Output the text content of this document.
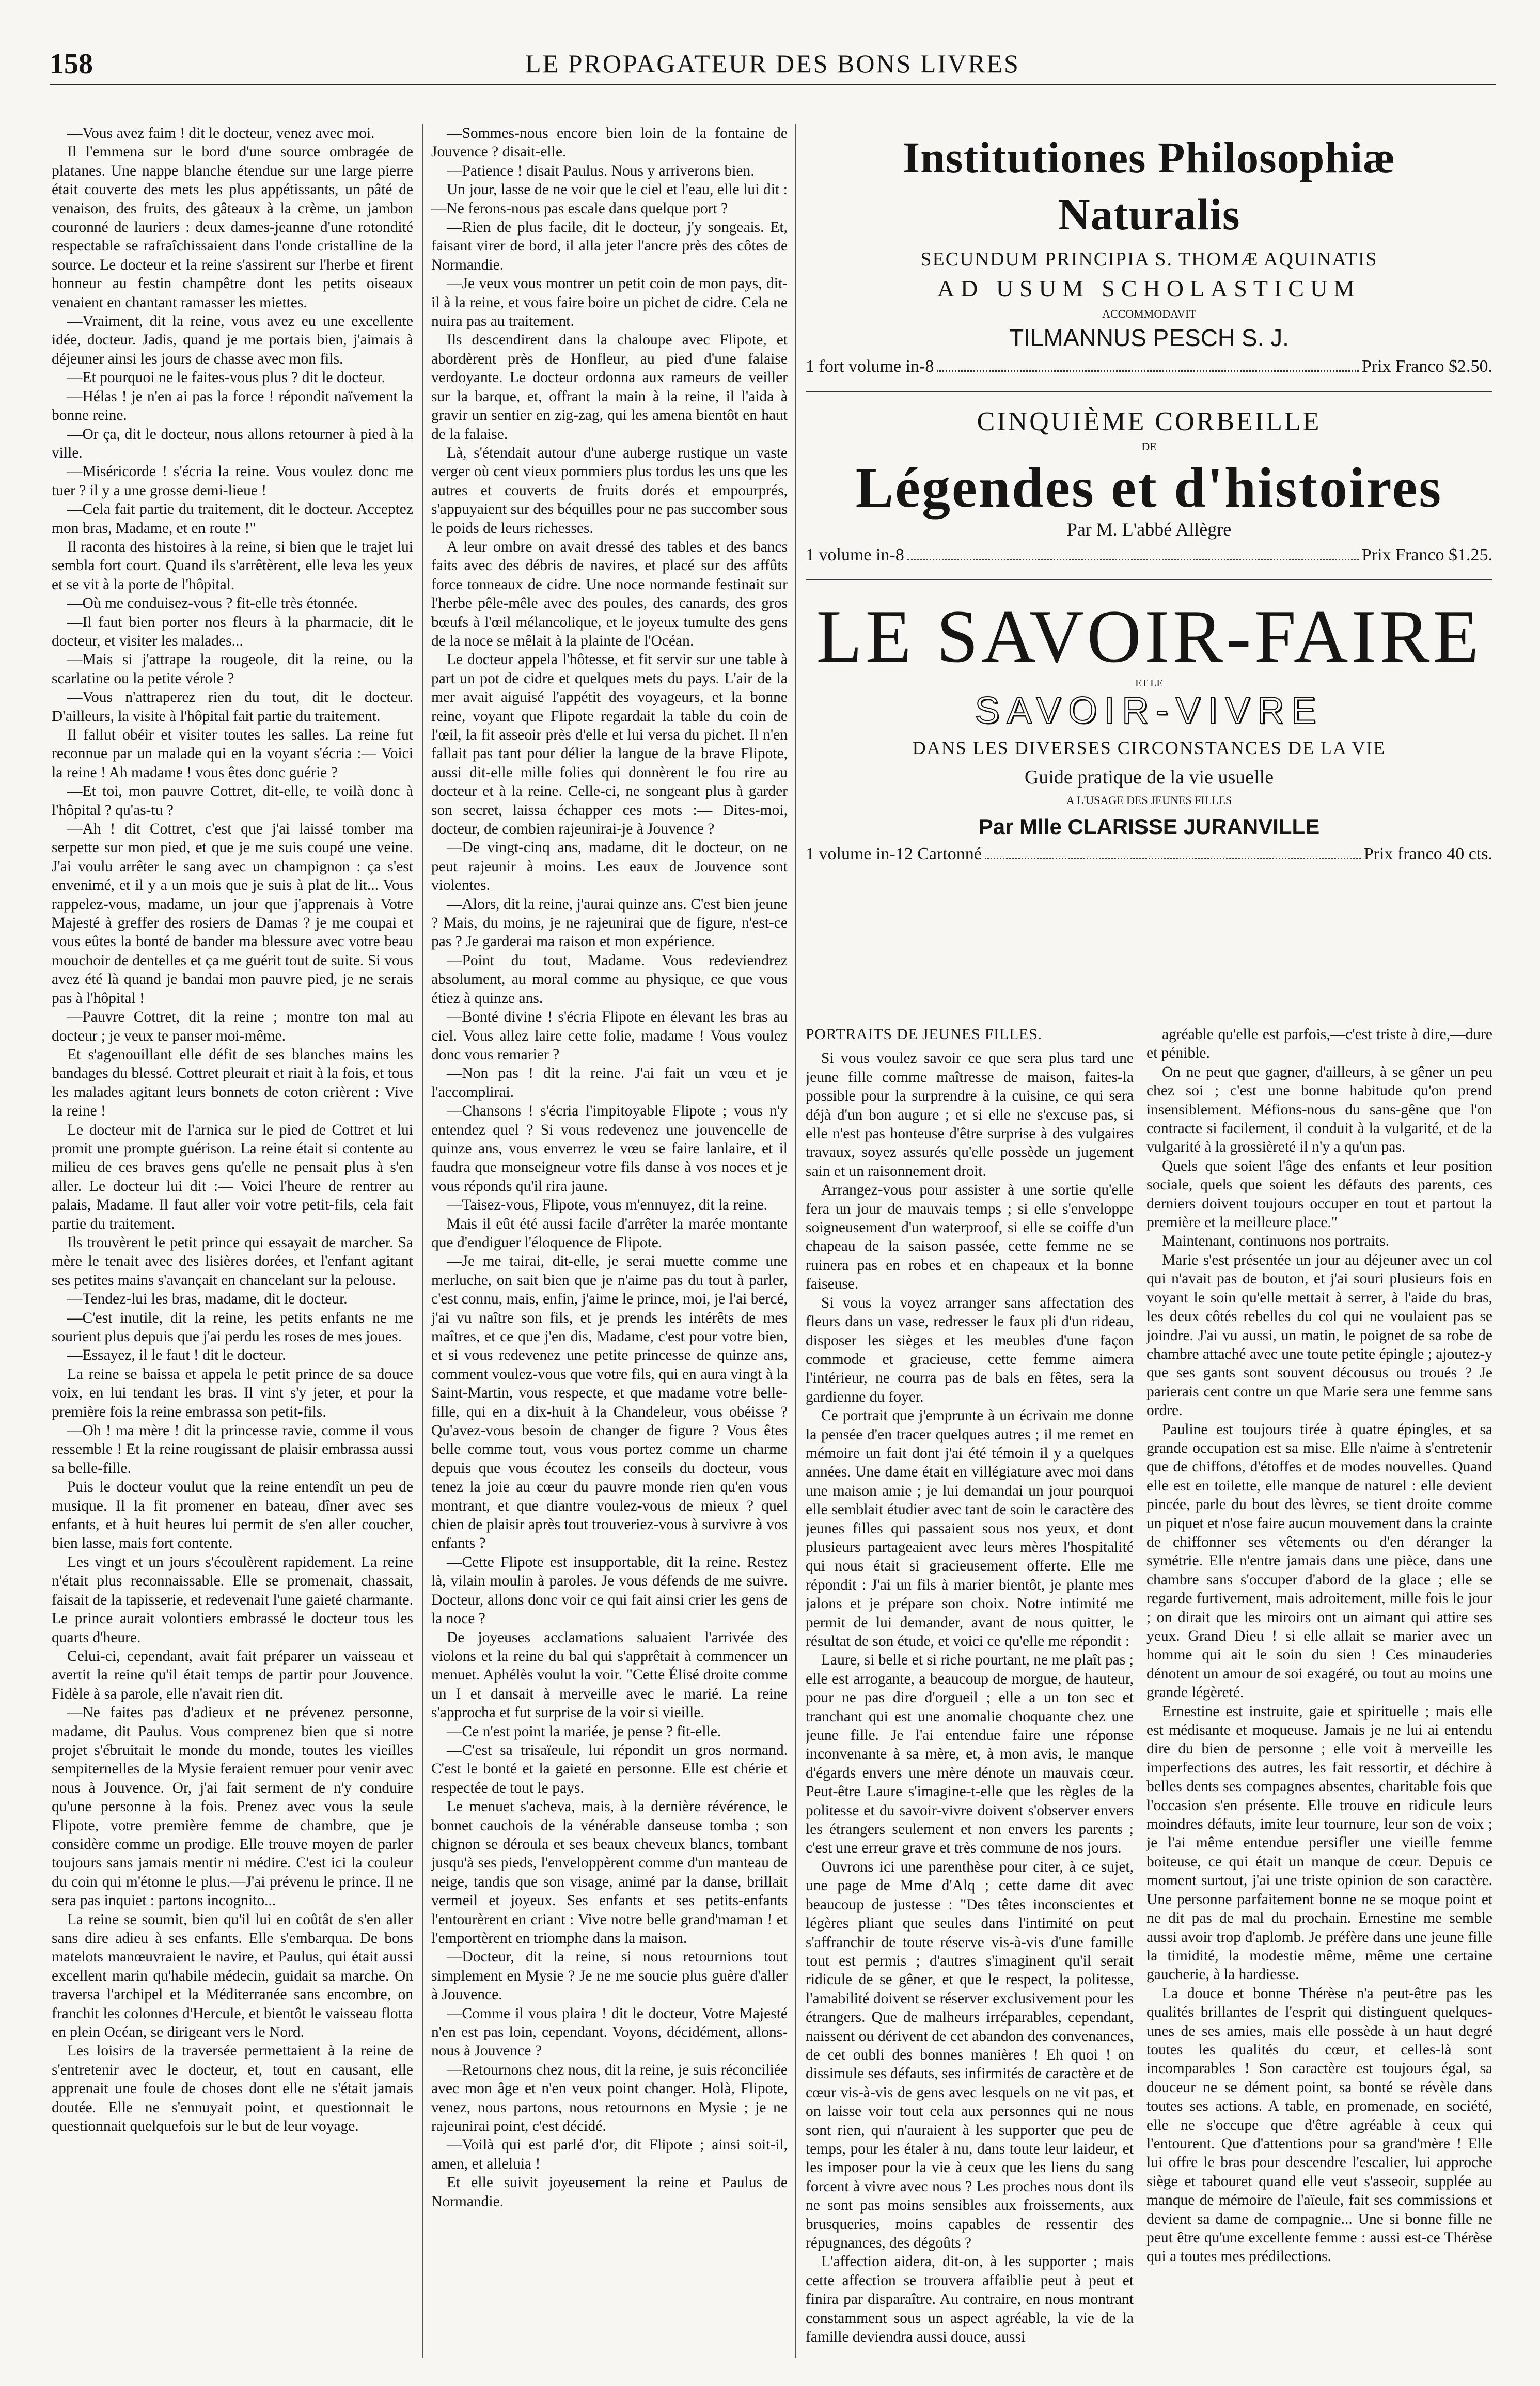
158	LE PROPAGATEUR DES BONS LIVRES

—Vous avez faim ! dit le docteur, venez avec moi.

Il l'emmena sur le bord d'une source ombragée de platanes. Une nappe blanche étendue sur une large pierre était couverte des mets les plus appétissants, un pâté de venaison, des fruits, des gâteaux à la crème, un jambon couronné de lauriers : deux dames-jeanne d'une rotondité respectable se rafraîchissaient dans l'onde cristalline de la source. Le docteur et la reine s'assirent sur l'herbe et firent honneur au festin champêtre dont les petits oiseaux venaient en chantant ramasser les miettes.

—Vraiment, dit la reine, vous avez eu une excellente idée, docteur. Jadis, quand je me portais bien, j'aimais à déjeuner ainsi les jours de chasse avec mon fils.

—Et pourquoi ne le faites-vous plus ? dit le docteur.

—Hélas ! je n'en ai pas la force ! répondit naïvement la bonne reine.

—Or ça, dit le docteur, nous allons retourner à pied à la ville.

—Miséricorde ! s'écria la reine. Vous voulez donc me tuer ? il y a une grosse demi-lieue !

—Cela fait partie du traitement, dit le docteur. Acceptez mon bras, Madame, et en route !"

Il raconta des histoires à la reine, si bien que le trajet lui sembla fort court. Quand ils s'arrêtèrent, elle leva les yeux et se vit à la porte de l'hôpital.

—Où me conduisez-vous ? fit-elle très étonnée.

—Il faut bien porter nos fleurs à la pharmacie, dit le docteur, et visiter les malades...

—Mais si j'attrape la rougeole, dit la reine, ou la scarlatine ou la petite vérole ?

—Vous n'attraperez rien du tout, dit le docteur. D'ailleurs, la visite à l'hôpital fait partie du traitement.

Il fallut obéir et visiter toutes les salles. La reine fut reconnue par un malade qui en la voyant s'écria :— Voici la reine ! Ah madame ! vous êtes donc guérie ?

—Et toi, mon pauvre Cottret, dit-elle, te voilà donc à l'hôpital ? qu'as-tu ?

—Ah ! dit Cottret, c'est que j'ai laissé tomber ma serpette sur mon pied, et que je me suis coupé une veine. J'ai voulu arrêter le sang avec un champignon : ça s'est envenimé, et il y a un mois que je suis à plat de lit... Vous rappelez-vous, madame, un jour que j'apprenais à Votre Majesté à greffer des rosiers de Damas ? je me coupai et vous eûtes la bonté de bander ma blessure avec votre beau mouchoir de dentelles et ça me guérit tout de suite. Si vous avez été là quand je bandai mon pauvre pied, je ne serais pas à l'hôpital !

—Pauvre Cottret, dit la reine ; montre ton mal au docteur ; je veux te panser moi-même.

Et s'agenouillant elle défit de ses blanches mains les bandages du blessé. Cottret pleurait et riait à la fois, et tous les malades agitant leurs bonnets de coton crièrent : Vive la reine !

Le docteur mit de l'arnica sur le pied de Cottret et lui promit une prompte guérison. La reine était si contente au milieu de ces braves gens qu'elle ne pensait plus à s'en aller. Le docteur lui dit :— Voici l'heure de rentrer au palais, Madame. Il faut aller voir votre petit-fils, cela fait partie du traitement.

Ils trouvèrent le petit prince qui essayait de marcher. Sa mère le tenait avec des lisières dorées, et l'enfant agitant ses petites mains s'avançait en chancelant sur la pelouse.

—Tendez-lui les bras, madame, dit le docteur.

—C'est inutile, dit la reine, les petits enfants ne me sourient plus depuis que j'ai perdu les roses de mes joues.

—Essayez, il le faut ! dit le docteur.

La reine se baissa et appela le petit prince de sa douce voix, en lui tendant les bras. Il vint s'y jeter, et pour la première fois la reine embrassa son petit-fils.

—Oh ! ma mère ! dit la princesse ravie, comme il vous ressemble ! Et la reine rougissant de plaisir embrassa aussi sa belle-fille.

Puis le docteur voulut que la reine entendît un peu de musique. Il la fit promener en bateau, dîner avec ses enfants, et à huit heures lui permit de s'en aller coucher, bien lasse, mais fort contente.

Les vingt et un jours s'écoulèrent rapidement. La reine n'était plus reconnaissable. Elle se promenait, chassait, faisait de la tapisserie, et redevenait l'une gaieté charmante. Le prince aurait volontiers embrassé le docteur tous les quarts d'heure.

Celui-ci, cependant, avait fait préparer un vaisseau et avertit la reine qu'il était temps de partir pour Jouvence. Fidèle à sa parole, elle n'avait rien dit.

—Ne faites pas d'adieux et ne prévenez personne, madame, dit Paulus. Vous comprenez bien que si notre projet s'ébruitait le monde du monde, toutes les vieilles sempiternelles de la Mysie feraient remuer pour venir avec nous à Jouvence. Or, j'ai fait serment de n'y conduire qu'une personne à la fois. Prenez avec vous la seule Flipote, votre première femme de chambre, que je considère comme un prodige. Elle trouve moyen de parler toujours sans jamais mentir ni médire. C'est ici la couleur du coin qui m'étonne le plus.—J'ai prévenu le prince. Il ne sera pas inquiet : partons incognito...

La reine se soumit, bien qu'il lui en coûtât de s'en aller sans dire adieu à ses enfants. Elle s'embarqua. De bons matelots manœuvraient le navire, et Paulus, qui était aussi excellent marin qu'habile médecin, guidait sa marche. On traversa l'archipel et la Méditerranée sans encombre, on franchit les colonnes d'Hercule, et bientôt le vaisseau flotta en plein Océan, se dirigeant vers le Nord.

Les loisirs de la traversée permettaient à la reine de s'entretenir avec le docteur, et, tout en causant, elle apprenait une foule de choses dont elle ne s'était jamais doutée. Elle ne s'ennuyait point, et questionnait le questionnait quelquefois sur le but de leur voyage.

—Sommes-nous encore bien loin de la fontaine de Jouvence ? disait-elle.

—Patience ! disait Paulus. Nous y arriverons bien.

Un jour, lasse de ne voir que le ciel et l'eau, elle lui dit :—Ne ferons-nous pas escale dans quelque port ?

—Rien de plus facile, dit le docteur, j'y songeais. Et, faisant virer de bord, il alla jeter l'ancre près des côtes de Normandie.

—Je veux vous montrer un petit coin de mon pays, dit-il à la reine, et vous faire boire un pichet de cidre. Cela ne nuira pas au traitement.

Ils descendirent dans la chaloupe avec Flipote, et abordèrent près de Honfleur, au pied d'une falaise verdoyante. Le docteur ordonna aux rameurs de veiller sur la barque, et, offrant la main à la reine, il l'aida à gravir un sentier en zig-zag, qui les amena bientôt en haut de la falaise.

Là, s'étendait autour d'une auberge rustique un vaste verger où cent vieux pommiers plus tordus les uns que les autres et couverts de fruits dorés et empourprés, s'appuyaient sur des béquilles pour ne pas succomber sous le poids de leurs richesses.

A leur ombre on avait dressé des tables et des bancs faits avec des débris de navires, et placé sur des affûts force tonneaux de cidre. Une noce normande festinait sur l'herbe pêle-mêle avec des poules, des canards, des gros bœufs à l'œil mélancolique, et le joyeux tumulte des gens de la noce se mêlait à la plainte de l'Océan.

Le docteur appela l'hôtesse, et fit servir sur une table à part un pot de cidre et quelques mets du pays. L'air de la mer avait aiguisé l'appétit des voyageurs, et la bonne reine, voyant que Flipote regardait la table du coin de l'œil, la fit asseoir près d'elle et lui versa du pichet. Il n'en fallait pas tant pour délier la langue de la brave Flipote, aussi dit-elle mille folies qui donnèrent le fou rire au docteur et à la reine. Celle-ci, ne songeant plus à garder son secret, laissa échapper ces mots :— Dites-moi, docteur, de combien rajeunirai-je à Jouvence ?

—De vingt-cinq ans, madame, dit le docteur, on ne peut rajeunir à moins. Les eaux de Jouvence sont violentes.

—Alors, dit la reine, j'aurai quinze ans. C'est bien jeune ? Mais, du moins, je ne rajeunirai que de figure, n'est-ce pas ? Je garderai ma raison et mon expérience.

—Point du tout, Madame. Vous redeviendrez absolument, au moral comme au physique, ce que vous étiez à quinze ans.

—Bonté divine ! s'écria Flipote en élevant les bras au ciel. Vous allez laire cette folie, madame ! Vous voulez donc vous remarier ?

—Non pas ! dit la reine. J'ai fait un vœu et je l'accomplirai.

—Chansons ! s'écria l'impitoyable Flipote ; vous n'y entendez quel ? Si vous redevenez une jouvencelle de quinze ans, vous enverrez le vœu se faire lanlaire, et il faudra que monseigneur votre fils danse à vos noces et je vous réponds qu'il rira jaune.

—Taisez-vous, Flipote, vous m'ennuyez, dit la reine.

Mais il eût été aussi facile d'arrêter la marée montante que d'endiguer l'éloquence de Flipote.

—Je me tairai, dit-elle, je serai muette comme une merluche, on sait bien que je n'aime pas du tout à parler, c'est connu, mais, enfin, j'aime le prince, moi, je l'ai bercé, j'ai vu naître son fils, et je prends les intérêts de mes maîtres, et ce que j'en dis, Madame, c'est pour votre bien, et si vous redevenez une petite princesse de quinze ans, comment voulez-vous que votre fils, qui en aura vingt à la Saint-Martin, vous respecte, et que madame votre belle-fille, qui en a dix-huit à la Chandeleur, vous obéisse ? Qu'avez-vous besoin de changer de figure ? Vous êtes belle comme tout, vous vous portez comme un charme depuis que vous écoutez les conseils du docteur, vous tenez la joie au cœur du pauvre monde rien qu'en vous montrant, et que diantre voulez-vous de mieux ? quel chien de plaisir après tout trouveriez-vous à survivre à vos enfants ?

—Cette Flipote est insupportable, dit la reine. Restez là, vilain moulin à paroles. Je vous défends de me suivre. Docteur, allons donc voir ce qui fait ainsi crier les gens de la noce ?

De joyeuses acclamations saluaient l'arrivée des violons et la reine du bal qui s'apprêtait à commencer un menuet. Aphélès voulut la voir. "Cette Élisé droite comme un I et dansait à merveille avec le marié. La reine s'approcha et fut surprise de la voir si vieille.

—Ce n'est point la mariée, je pense ? fit-elle.

—C'est sa trisaïeule, lui répondit un gros normand. C'est le bonté et la gaieté en personne. Elle est chérie et respectée de tout le pays.

Le menuet s'acheva, mais, à la dernière révérence, le bonnet cauchois de la vénérable danseuse tomba ; son chignon se déroula et ses beaux cheveux blancs, tombant jusqu'à ses pieds, l'enveloppèrent comme d'un manteau de neige, tandis que son visage, animé par la danse, brillait vermeil et joyeux. Ses enfants et ses petits-enfants l'entourèrent en criant : Vive notre belle grand'maman ! et l'emportèrent en triomphe dans la maison.

—Docteur, dit la reine, si nous retournions tout simplement en Mysie ? Je ne me soucie plus guère d'aller à Jouvence.

—Comme il vous plaira ! dit le docteur, Votre Majesté n'en est pas loin, cependant. Voyons, décidément, allons-nous à Jouvence ?

—Retournons chez nous, dit la reine, je suis réconciliée avec mon âge et n'en veux point changer. Holà, Flipote, venez, nous partons, nous retournons en Mysie ; je ne rajeunirai point, c'est décidé.

—Voilà qui est parlé d'or, dit Flipote ; ainsi soit-il, amen, et alleluia !

Et elle suivit joyeusement la reine et Paulus de Normandie.

Institutiones Philosophiæ Naturalis
SECUNDUM PRINCIPIA S. THOMÆ AQUINATIS
AD USUM SCHOLASTICUM
ACCOMMODAVIT
TILMANNUS PESCH S. J.
1 fort volume in-8	Prix Franco $2.50.
CINQUIÈME CORBEILLE
DE
Légendes et d'histoires
Par M. L'abbé Allègre
1 volume in-8	Prix Franco $1.25.
LE SAVOIR-FAIRE
ET LE
SAVOIR-VIVRE
DANS LES DIVERSES CIRCONSTANCES DE LA VIE
Guide pratique de la vie usuelle
A L'USAGE DES JEUNES FILLES
Par Mlle CLARISSE JURANVILLE
1 volume in-12 Cartonné	Prix franco 40 cts.

PORTRAITS DE JEUNES FILLES.

Si vous voulez savoir ce que sera plus tard une jeune fille comme maîtresse de maison, faites-la possible pour la surprendre à la cuisine, ce qui sera déjà d'un bon augure ; et si elle ne s'excuse pas, si elle n'est pas honteuse d'être surprise à des vulgaires travaux, soyez assurés qu'elle possède un jugement sain et un raisonnement droit.

Arrangez-vous pour assister à une sortie qu'elle fera un jour de mauvais temps ; si elle s'enveloppe soigneusement d'un waterproof, si elle se coiffe d'un chapeau de la saison passée, cette femme ne se ruinera pas en robes et en chapeaux et la bonne faiseuse.

Si vous la voyez arranger sans affectation des fleurs dans un vase, redresser le faux pli d'un rideau, disposer les sièges et les meubles d'une façon commode et gracieuse, cette femme aimera l'intérieur, ne courra pas de bals en fêtes, sera la gardienne du foyer.

Ce portrait que j'emprunte à un écrivain me donne la pensée d'en tracer quelques autres ; il me remet en mémoire un fait dont j'ai été témoin il y a quelques années. Une dame était en villégiature avec moi dans une maison amie ; je lui demandai un jour pourquoi elle semblait étudier avec tant de soin le caractère des jeunes filles qui passaient sous nos yeux, et dont plusieurs partageaient avec leurs mères l'hospitalité qui nous était si gracieusement offerte. Elle me répondit : J'ai un fils à marier bientôt, je plante mes jalons et je prépare son choix. Notre intimité me permit de lui demander, avant de nous quitter, le résultat de son étude, et voici ce qu'elle me répondit :

Laure, si belle et si riche pourtant, ne me plaît pas ; elle est arrogante, a beaucoup de morgue, de hauteur, pour ne pas dire d'orgueil ; elle a un ton sec et tranchant qui est une anomalie choquante chez une jeune fille. Je l'ai entendue faire une réponse inconvenante à sa mère, et, à mon avis, le manque d'égards envers une mère dénote un mauvais cœur. Peut-être Laure s'imagine-t-elle que les règles de la politesse et du savoir-vivre doivent s'observer envers les étrangers seulement et non envers les parents ; c'est une erreur grave et très commune de nos jours.

Ouvrons ici une parenthèse pour citer, à ce sujet, une page de Mme d'Alq ; cette dame dit avec beaucoup de justesse : "Des têtes inconscientes et légères pliant que seules dans l'intimité on peut s'affranchir de toute réserve vis-à-vis d'une famille tout est permis ; d'autres s'imaginent qu'il serait ridicule de se gêner, et que le respect, la politesse, l'amabilité doivent se réserver exclusivement pour les étrangers. Que de malheurs irréparables, cependant, naissent ou dérivent de cet abandon des convenances, de cet oubli des bonnes manières ! Eh quoi ! on dissimule ses défauts, ses infirmités de caractère et de cœur vis-à-vis de gens avec lesquels on ne vit pas, et on laisse voir tout cela aux personnes qui ne nous sont rien, qui n'auraient à les supporter que peu de temps, pour les étaler à nu, dans toute leur laideur, et les imposer pour la vie à ceux que les liens du sang forcent à vivre avec nous ? Les proches nous dont ils ne sont pas moins sensibles aux froissements, aux brusqueries, moins capables de ressentir des répugnances, des dégoûts ?

L'affection aidera, dit-on, à les supporter ; mais cette affection se trouvera affaiblie peut à peut et finira par disparaître. Au contraire, en nous montrant constamment sous un aspect agréable, la vie de la famille deviendra aussi douce, aussi

agréable qu'elle est parfois,—c'est triste à dire,—dure et pénible.

On ne peut que gagner, d'ailleurs, à se gêner un peu chez soi ; c'est une bonne habitude qu'on prend insensiblement. Méfions-nous du sans-gêne que l'on contracte si facilement, il conduit à la vulgarité, et de la vulgarité à la grossièreté il n'y a qu'un pas.

Quels que soient l'âge des enfants et leur position sociale, quels que soient les défauts des parents, ces derniers doivent toujours occuper en tout et partout la première et la meilleure place."

Maintenant, continuons nos portraits.

Marie s'est présentée un jour au déjeuner avec un col qui n'avait pas de bouton, et j'ai souri plusieurs fois en voyant le soin qu'elle mettait à serrer, à l'aide du bras, les deux côtés rebelles du col qui ne voulaient pas se joindre. J'ai vu aussi, un matin, le poignet de sa robe de chambre attaché avec une toute petite épingle ; ajoutez-y que ses gants sont souvent décousus ou troués ? Je parierais cent contre un que Marie sera une femme sans ordre.

Pauline est toujours tirée à quatre épingles, et sa grande occupation est sa mise. Elle n'aime à s'entretenir que de chiffons, d'étoffes et de modes nouvelles. Quand elle est en toilette, elle manque de naturel : elle devient pincée, parle du bout des lèvres, se tient droite comme un piquet et n'ose faire aucun mouvement dans la crainte de chiffonner ses vêtements ou d'en déranger la symétrie. Elle n'entre jamais dans une pièce, dans une chambre sans s'occuper d'abord de la glace ; elle se regarde furtivement, mais adroitement, mille fois le jour ; on dirait que les miroirs ont un aimant qui attire ses yeux. Grand Dieu ! si elle allait se marier avec un homme qui ait le soin du sien ! Ces minauderies dénotent un amour de soi exagéré, ou tout au moins une grande légèreté.

Ernestine est instruite, gaie et spirituelle ; mais elle est médisante et moqueuse. Jamais je ne lui ai entendu dire du bien de personne ; elle voit à merveille les imperfections des autres, les fait ressortir, et déchire à belles dents ses compagnes absentes, charitable fois que l'occasion s'en présente. Elle trouve en ridicule leurs moindres défauts, imite leur tournure, leur son de voix ; je l'ai même entendue persifler une vieille femme boiteuse, ce qui était un manque de cœur. Depuis ce moment surtout, j'ai une triste opinion de son caractère. Une personne parfaitement bonne ne se moque point et ne dit pas de mal du prochain. Ernestine me semble aussi avoir trop d'aplomb. Je préfère dans une jeune fille la timidité, la modestie même, même une certaine gaucherie, à la hardiesse.

La douce et bonne Thérèse n'a peut-être pas les qualités brillantes de l'esprit qui distinguent quelques-unes de ses amies, mais elle possède à un haut degré toutes les qualités du cœur, et celles-là sont incomparables ! Son caractère est toujours égal, sa douceur ne se dément point, sa bonté se révèle dans toutes ses actions. A table, en promenade, en société, elle ne s'occupe que d'être agréable à ceux qui l'entourent. Que d'attentions pour sa grand'mère ! Elle lui offre le bras pour descendre l'escalier, lui approche siège et tabouret quand elle veut s'asseoir, supplée au manque de mémoire de l'aïeule, fait ses commissions et devient sa dame de compagnie... Une si bonne fille ne peut être qu'une excellente femme : aussi est-ce Thérèse qui a toutes mes prédilections.
